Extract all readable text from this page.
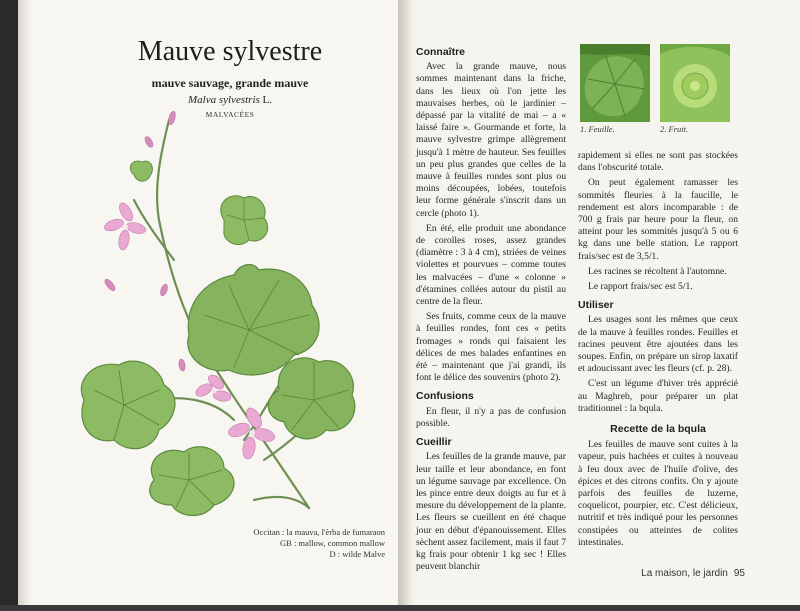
Mauve sylvestre
mauve sauvage, grande mauve
Malva sylvestris L.
MALVACÉES
Occitan : la mauva, l'èrba de fumaraon
GB : mallow, common mallow
D : wilde Malve
Connaître

Avec la grande mauve, nous sommes maintenant dans la friche, dans les lieux où l'on jette les mauvaises herbes, où le jardinier – dépassé par la vitalité de mai – a « laissé faire ». Gourmande et forte, la mauve sylvestre grimpe allègrement jusqu'à 1 mètre de hauteur. Ses feuilles un peu plus grandes que celles de la mauve à feuilles rondes sont plus ou moins découpées, lobées, toutefois leur forme générale s'inscrit dans un cercle (photo 1).

En été, elle produit une abondance de corolles roses, assez grandes (diamètre : 3 à 4 cm), striées de veines violettes et pourvues – comme toutes les malvacées – d'une « colonne » d'étamines collées autour du pistil au centre de la fleur.

Ses fruits, comme ceux de la mauve à feuilles rondes, font ces « petits fromages » ronds qui faisaient les délices de mes balades enfantines en été – maintenant que j'ai grandi, ils font le délice des souvenirs (photo 2).

Confusions

En fleur, il n'y a pas de confusion possible.

Cueillir

Les feuilles de la grande mauve, par leur taille et leur abondance, en font un légume sauvage par excellence. On les pince entre deux doigts au fur et à mesure du développement de la plante. Les fleurs se cueillent en été chaque jour en début d'épanouissement. Elles sèchent assez facilement, mais il faut 7 kg frais pour obtenir 1 kg sec ! Elles peuvent blanchir

1. Feuille.	2. Fruit.

rapidement si elles ne sont pas stockées dans l'obscurité totale.

On peut également ramasser les sommités fleuries à la faucille, le rendement est alors incomparable : de 700 g frais par heure pour la fleur, on atteint pour les sommités jusqu'à 5 ou 6 kg dans une belle station. Le rapport frais/sec est de 3,5/1.

Les racines se récoltent à l'automne.

Le rapport frais/sec est 5/1.

Utiliser

Les usages sont les mêmes que ceux de la mauve à feuilles rondes. Feuilles et racines peuvent être ajoutées dans les soupes. Enfin, on prépare un sirop laxatif et adoucissant avec les fleurs (cf. p. 28).

C'est un légume d'hiver très apprécié au Maghreb, pour préparer un plat traditionnel : la bqula.

Recette de la bqula

Les feuilles de mauve sont cuites à la vapeur, puis hachées et cuites à nouveau à feu doux avec de l'huile d'olive, des épices et des citrons confits. On y ajoute parfois des feuilles de luzerne, coquelicot, pourpier, etc. C'est délicieux, nutritif et très indiqué pour les personnes constipées ou atteintes de colites intestinales.

La maison, le jardin 95
